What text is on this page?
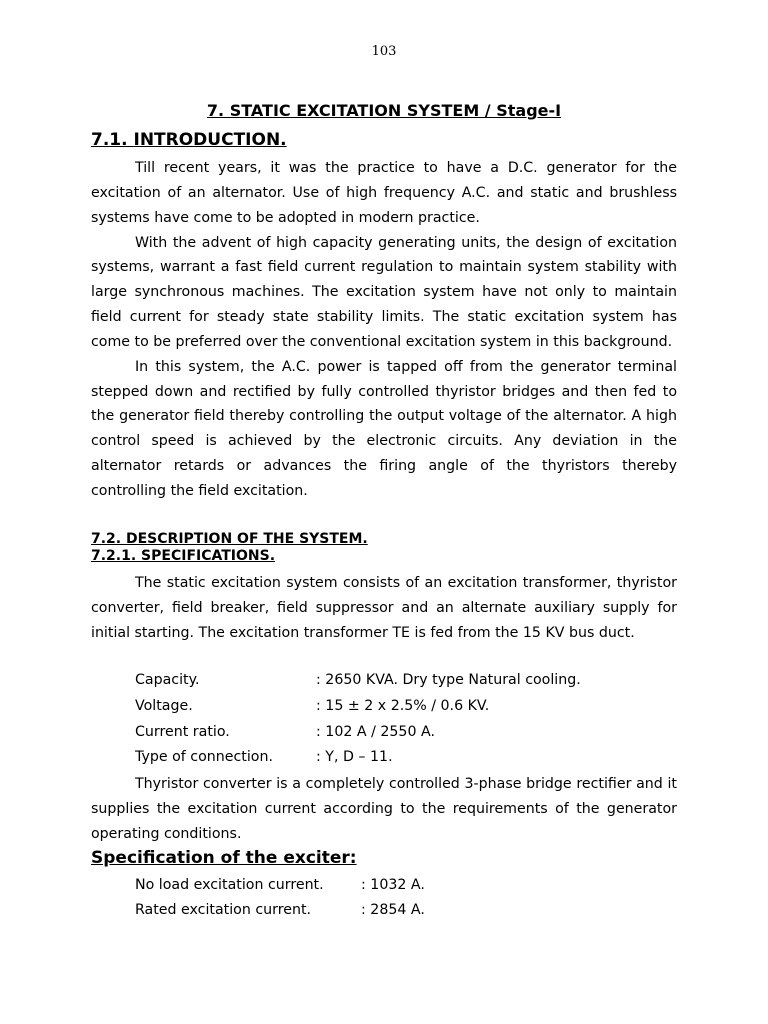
103
7. STATIC EXCITATION SYSTEM / Stage-I
7.1. INTRODUCTION.

Till recent years, it was the practice to have a D.C. generator for the excitation of an alternator. Use of high frequency A.C. and static and brushless systems have come to be adopted in modern practice.

With the advent of high capacity generating units, the design of excitation systems, warrant a fast field current regulation to maintain system stability with large synchronous machines. The excitation system have not only to maintain field current for steady state stability limits. The static excitation system has come to be preferred over the conventional excitation system in this background.

In this system, the A.C. power is tapped off from the generator terminal stepped down and rectified by fully controlled thyristor bridges and then fed to the generator field thereby controlling the output voltage of the alternator. A high control speed is achieved by the electronic circuits. Any deviation in the alternator retards or advances the firing angle of the thyristors thereby controlling the field excitation.

7.2. DESCRIPTION OF THE SYSTEM.
7.2.1. SPECIFICATIONS.

The static excitation system consists of an excitation transformer, thyristor converter, field breaker, field suppressor and an alternate auxiliary supply for initial starting. The excitation transformer TE is fed from the 15 KV bus duct.

Capacity.	: 2650 KVA. Dry type Natural cooling.
Voltage.	: 15 ± 2 x 2.5% / 0.6 KV.
Current ratio.	: 102 A / 2550 A.
Type of connection.	: Y, D – 11.

Thyristor converter is a completely controlled 3-phase bridge rectifier and it supplies the excitation current according to the requirements of the generator operating conditions.

Specification of the exciter:
No load excitation current.	: 1032 A.
Rated excitation current.	: 2854 A.
